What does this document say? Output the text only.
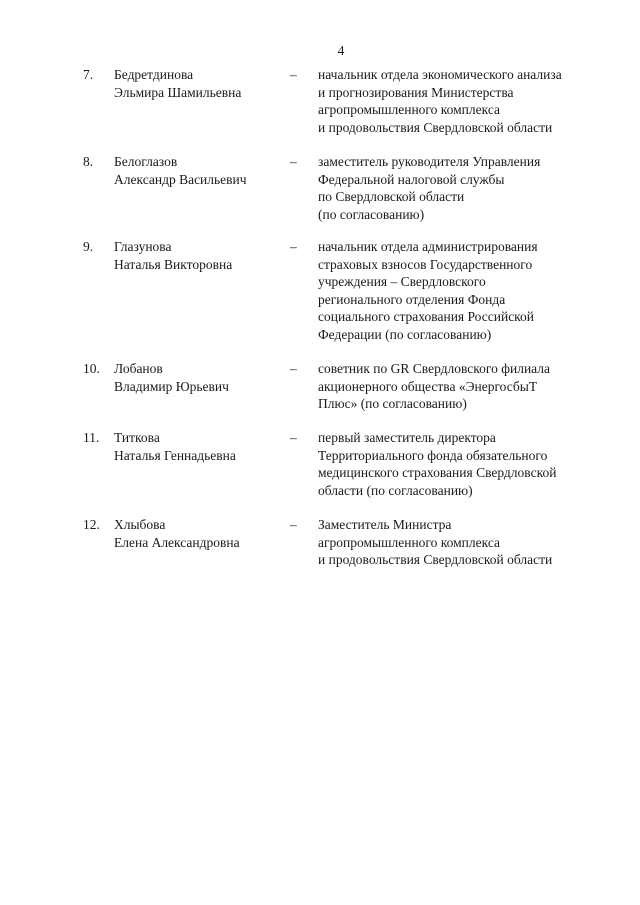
4
7. Бедретдинова
Эльмира Шамильевна
– начальник отдела экономического анализа
и прогнозирования Министерства
агропромышленного комплекса
и продовольствия Свердловской области
8. Белоглазов
Александр Васильевич
– заместитель руководителя Управления
Федеральной налоговой службы
по Свердловской области
(по согласованию)
9. Глазунова
Наталья Викторовна
– начальник отдела администрирования
страховых взносов Государственного
учреждения – Свердловского
регионального отделения Фонда
социального страхования Российской
Федерации (по согласованию)
10. Лобанов
Владимир Юрьевич
– советник по GR Свердловского филиала
акционерного общества «ЭнергосбыТ
Плюс» (по согласованию)
11. Титкова
Наталья Геннадьевна
– первый заместитель директора
Территориального фонда обязательного
медицинского страхования Свердловской
области (по согласованию)
12. Хлыбова
Елена Александровна
– Заместитель Министра
агропромышленного комплекса
и продовольствия Свердловской области
